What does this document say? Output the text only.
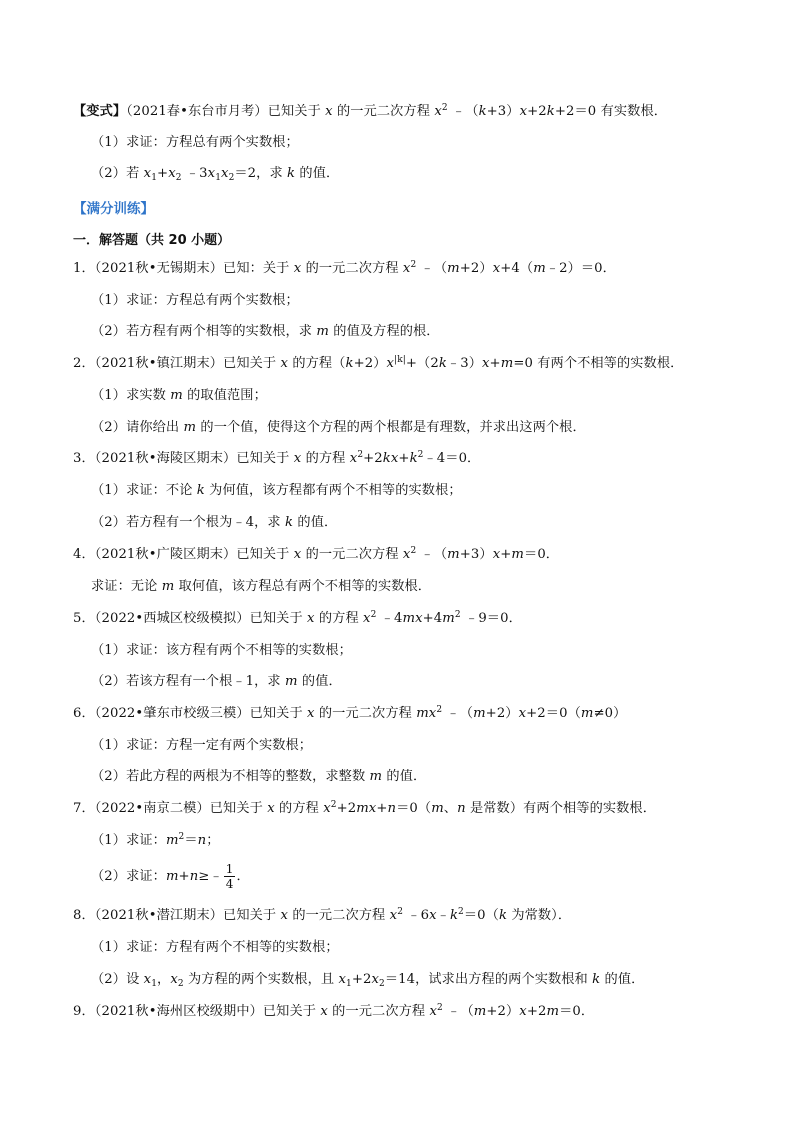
【变式】（2021春•东台市月考）已知关于 x 的一元二次方程 $x^2$ ﹣（k+3）x+2k+2＝0 有实数根．
（1）求证：方程总有两个实数根；
（2）若 $x_1+x_2$ $﹣3x_1x_2=2$，求 k 的值．
【满分训练】
一．解答题（共 20 小题）
1．（2021秋•无锡期末）已知：关于 x 的一元二次方程 $x^2$ ﹣（m+2）x+4（m﹣2）＝0．
（1）求证：方程总有两个实数根；
（2）若方程有两个相等的实数根，求 m 的值及方程的根．
2．（2021秋•镇江期末）已知关于 x 的方程$(k+2)x^{|k|}+(2k﹣3)x+m=0$ 有两个不相等的实数根．
（1）求实数 m 的取值范围；
（2）请你给出 m 的一个值，使得这个方程的两个根都是有理数，并求出这两个根．
3．（2021秋•海陵区期末）已知关于 x 的方程 $x^2+2kx+k^2﹣4=0$．
（1）求证：不论 k 为何值，该方程都有两个不相等的实数根；
（2）若方程有一个根为﹣4，求 k 的值．
4．（2021秋•广陵区期末）已知关于 x 的一元二次方程 $x^2$ ﹣（m+3）x+m＝0．
求证：无论 m 取何值，该方程总有两个不相等的实数根．
5．（2022•西城区校级模拟）已知关于 x 的方程 $x^2$ $﹣4mx+4m^2$ ﹣9＝0．
（1）求证：该方程有两个不相等的实数根；
（2）若该方程有一个根﹣1，求 m 的值．
6．（2022•肇东市校级三模）已知关于 x 的一元二次方程 $mx^2$ ﹣（m+2）x+2＝0（m≠0）
（1）求证：方程一定有两个实数根；
（2）若此方程的两根为不相等的整数，求整数 m 的值．
7．（2022•南京二模）已知关于 x 的方程 $x^2+2mx+n=0(m$、n 是常数）有两个相等的实数根．
（1）求证：$m^2=n$；
（2）求证：m+n≥﹣ $\frac{1}{4}$ ．
8．（2021秋•潜江期末）已知关于 x 的一元二次方程 $x^2$ $﹣6x﹣k^2=0(k$ 为常数）．
（1）求证：方程有两个不相等的实数根；
（2）设 $x_1$，$x_2$ 为方程的两个实数根，且 $x_1+2x_2=14$，试求出方程的两个实数根和 k 的值．
9．（2021秋•海州区校级期中）已知关于 x 的一元二次方程 $x^2$ ﹣（m+2）x+2m＝0．
